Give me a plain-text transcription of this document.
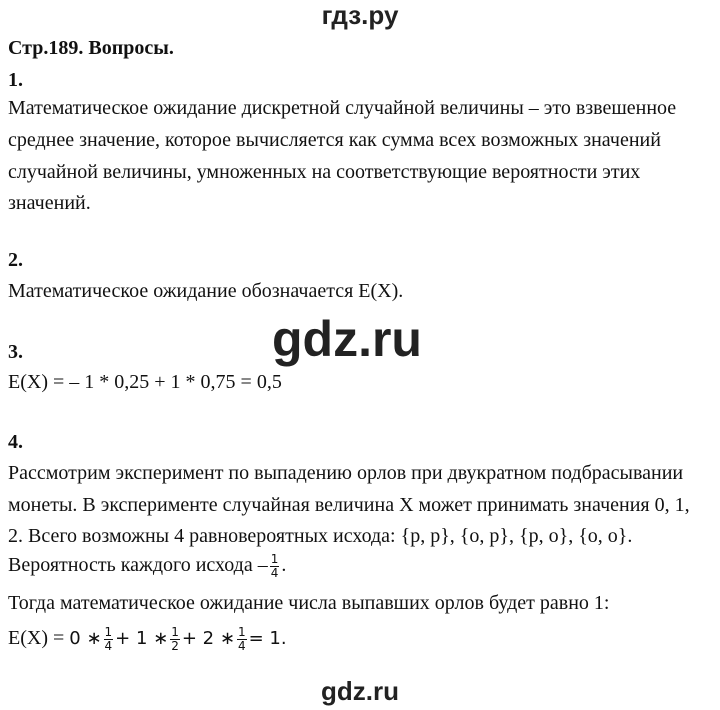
гдз.ру
Стр.189. Вопросы.
1.
Математическое ожидание дискретной случайной величины – это взвешенное
среднее значение, которое вычисляется как сумма всех возможных значений
случайной величины, умноженных на соответствующие вероятности этих
значений.
2.
Математическое ожидание обозначается E(X).
gdz.ru
3.
E(X) = – 1 * 0,25 + 1 * 0,75 = 0,5
4.
Рассмотрим эксперимент по выпадению орлов при двукратном подбрасывании
монеты. В эксперименте случайная величина X может принимать значения 0, 1,
2. Всего возможны 4 равновероятных исхода: {р, р}, {о, р}, {р, о}, {о, о}.
Вероятность каждого исхода – $\frac{1}{4}$ .
Тогда математическое ожидание числа выпавших орлов будет равно 1:
E(X) = 0 ∗ $\frac{1}{4} + 1$ ∗ $\frac{1}{2} + 2$ ∗ $\frac{1}{4} = 1$.
gdz.ru
